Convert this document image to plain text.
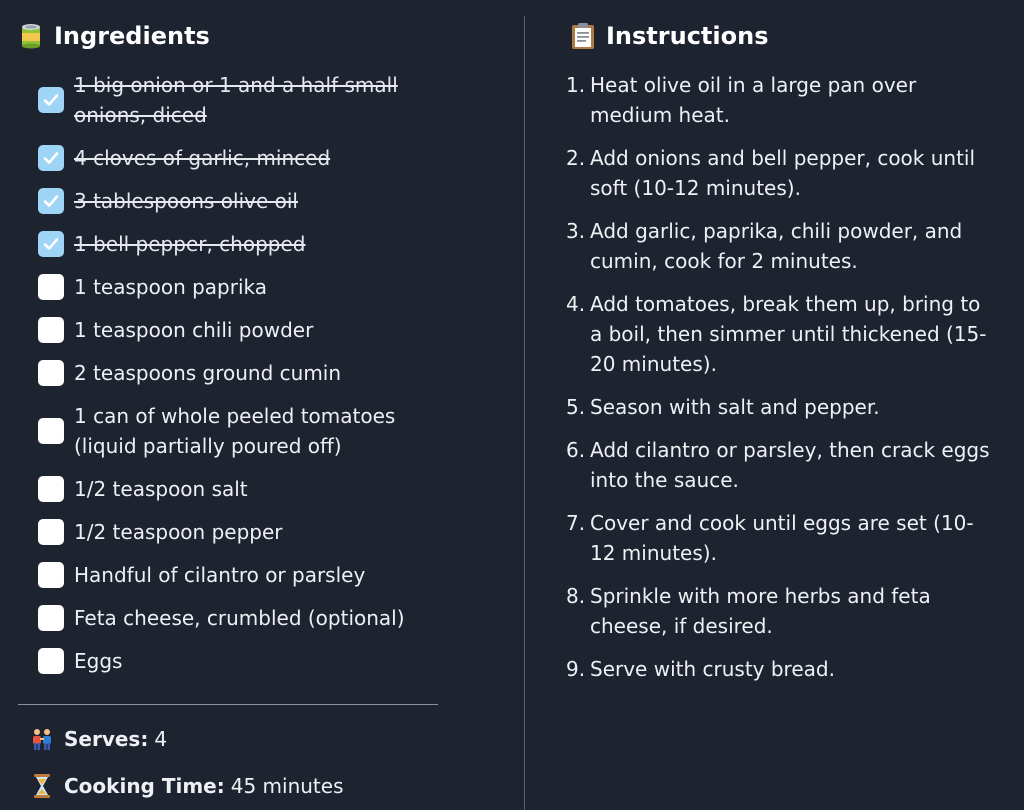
Ingredients
1 big onion or 1 and a half small onions, diced
4 cloves of garlic, minced
3 tablespoons olive oil
1 bell pepper, chopped
1 teaspoon paprika
1 teaspoon chili powder
2 teaspoons ground cumin
1 can of whole peeled tomatoes (liquid partially poured off)
1/2 teaspoon salt
1/2 teaspoon pepper
Handful of cilantro or parsley
Feta cheese, crumbled (optional)
Eggs
Serves: 4
Cooking Time: 45 minutes
Instructions
1. Heat olive oil in a large pan over medium heat.
2. Add onions and bell pepper, cook until soft (10-12 minutes).
3. Add garlic, paprika, chili powder, and cumin, cook for 2 minutes.
4. Add tomatoes, break them up, bring to a boil, then simmer until thickened (15-20 minutes).
5. Season with salt and pepper.
6. Add cilantro or parsley, then crack eggs into the sauce.
7. Cover and cook until eggs are set (10-12 minutes).
8. Sprinkle with more herbs and feta cheese, if desired.
9. Serve with crusty bread.
